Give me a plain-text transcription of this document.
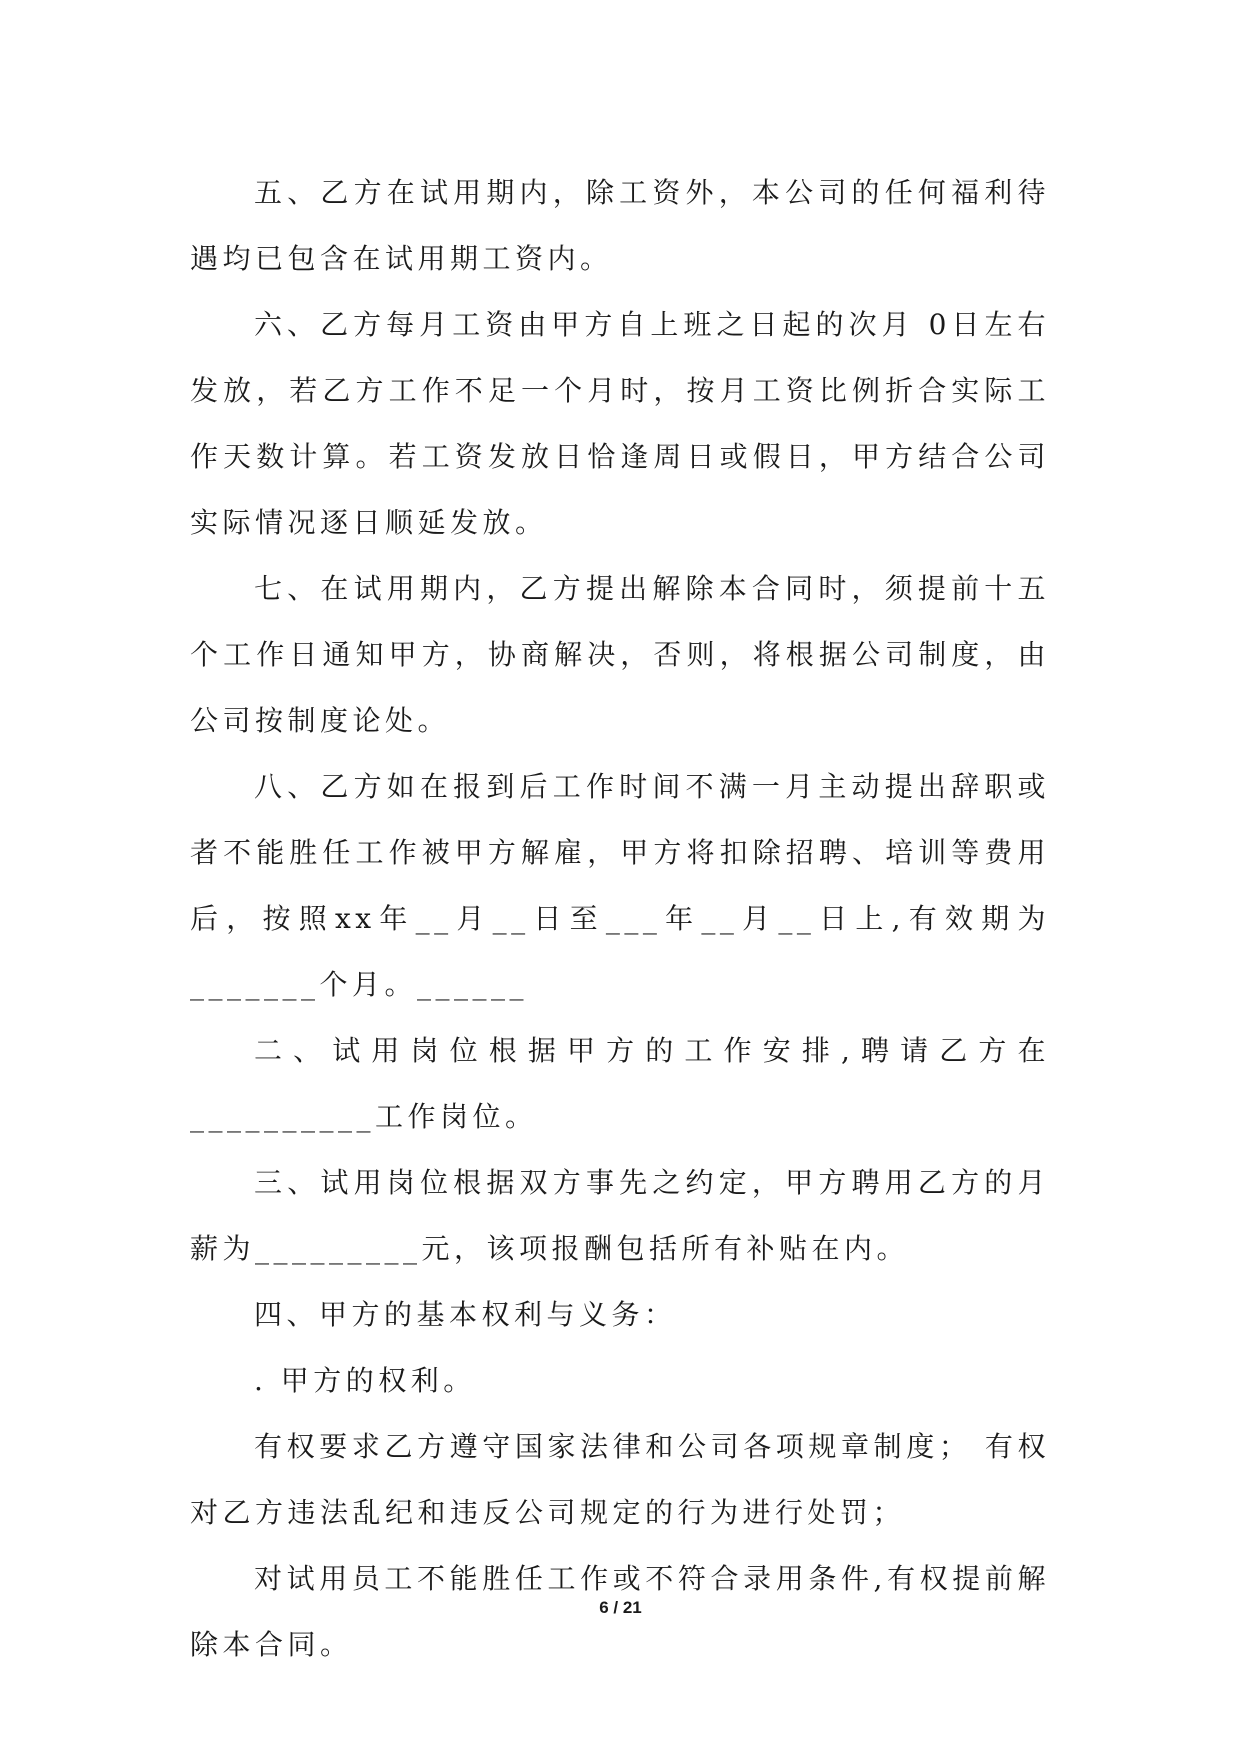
五、乙方在试用期内，除工资外，本公司的任何福利待遇均已包含在试用期工资内。

六、乙方每月工资由甲方自上班之日起的次月 0日左右发放，若乙方工作不足一个月时，按月工资比例折合实际工作天数计算。若工资发放日恰逢周日或假日，甲方结合公司实际情况逐日顺延发放。

七、在试用期内，乙方提出解除本合同时，须提前十五个工作日通知甲方，协商解决，否则，将根据公司制度，由公司按制度论处。

八、乙方如在报到后工作时间不满一月主动提出辞职或者不能胜任工作被甲方解雇，甲方将扣除招聘、培训等费用后，按照xx年__月__日至___年__月__日上,有效期为_______个月。______

二、试用岗位根据甲方的工作安排,聘请乙方在__________工作岗位。

三、试用岗位根据双方事先之约定，甲方聘用乙方的月薪为_________元，该项报酬包括所有补贴在内。

四、甲方的基本权利与义务：

. 甲方的权利。

有权要求乙方遵守国家法律和公司各项规章制度； 有权对乙方违法乱纪和违反公司规定的行为进行处罚；

对试用员工不能胜任工作或不符合录用条件,有权提前解除本合同。

6 / 21
